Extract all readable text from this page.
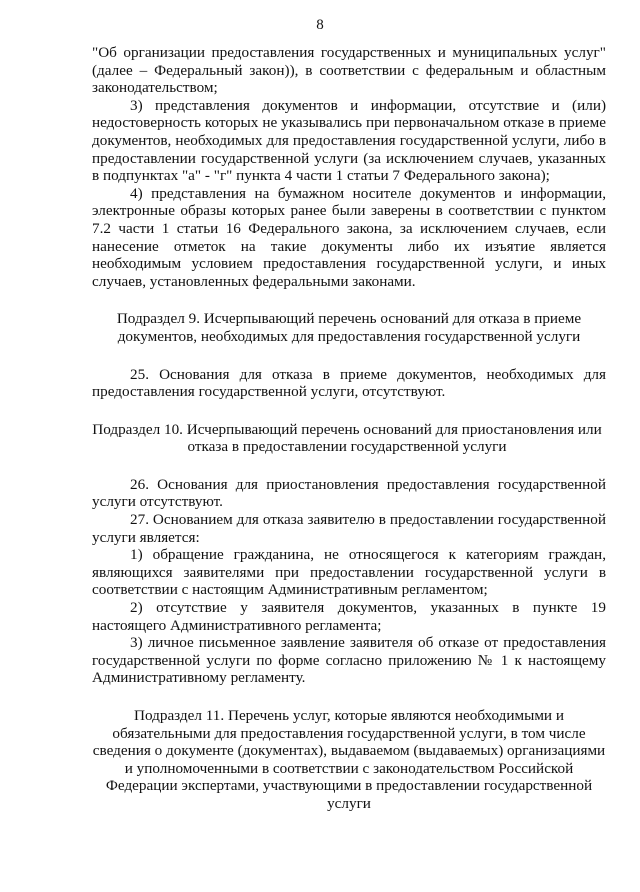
8

"Об организации предоставления государственных и муниципальных услуг" (далее – Федеральный закон)), в соответствии с федеральным и областным законодательством;

3) представления документов и информации, отсутствие и (или) недостоверность которых не указывались при первоначальном отказе в приеме документов, необходимых для предоставления государственной услуги, либо в предоставлении государственной услуги (за исключением случаев, указанных в подпунктах "а" - "г" пункта 4 части 1 статьи 7 Федерального закона);

4) представления на бумажном носителе документов и информации, электронные образы которых ранее были заверены в соответствии с пунктом 7.2 части 1 статьи 16 Федерального закона, за исключением случаев, если нанесение отметок на такие документы либо их изъятие является необходимым условием предоставления государственной услуги, и иных случаев, установленных федеральными законами.

Подраздел 9. Исчерпывающий перечень оснований для отказа в приеме документов, необходимых для предоставления государственной услуги

25. Основания для отказа в приеме документов, необходимых для предоставления государственной услуги, отсутствуют.

Подраздел 10. Исчерпывающий перечень оснований для приостановления или отказа в предоставлении государственной услуги

26. Основания для приостановления предоставления государственной услуги отсутствуют.

27. Основанием для отказа заявителю в предоставлении государственной услуги является:

1) обращение гражданина, не относящегося к категориям граждан, являющихся заявителями при предоставлении государственной услуги в соответствии с настоящим Административным регламентом;

2) отсутствие у заявителя документов, указанных в пункте 19 настоящего Административного регламента;

3) личное письменное заявление заявителя об отказе от предоставления государственной услуги по форме согласно приложению № 1 к настоящему Административному регламенту.

Подраздел 11. Перечень услуг, которые являются необходимыми и обязательными для предоставления государственной услуги, в том числе сведения о документе (документах), выдаваемом (выдаваемых) организациями и уполномоченными в соответствии с законодательством Российской Федерации экспертами, участвующими в предоставлении государственной услуги
